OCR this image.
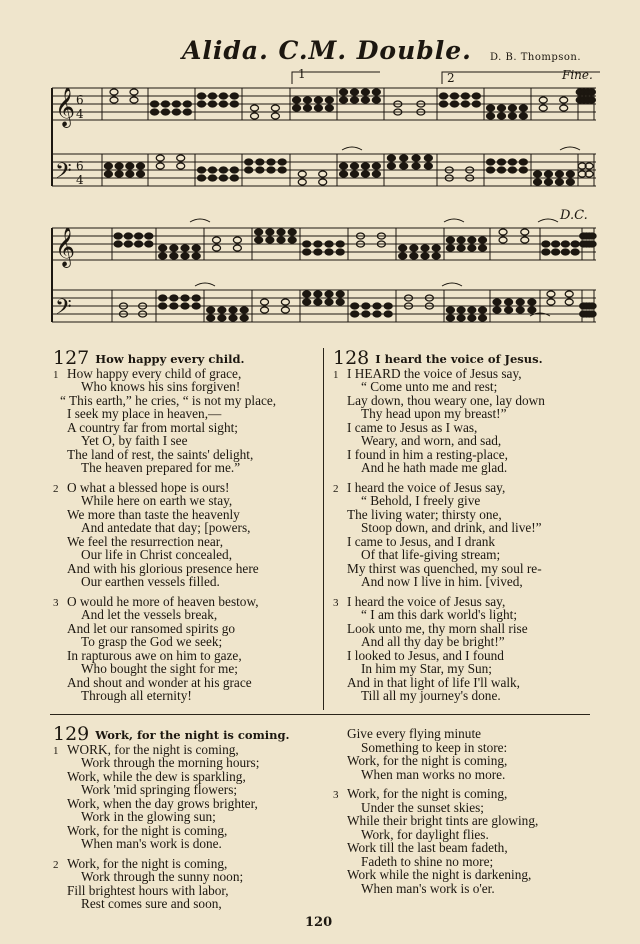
Alida. C.M. Double. D. B. Thompson.
Fine.
D.C.
𝄞
𝄢
𝄞
𝄢
6
4
6
4
1	2
127 How happy every child.
1 How happy every child of grace,
Who knows his sins forgiven!
“ This earth,” he cries, “ is not my place,
I seek my place in heaven,—
A country far from mortal sight;
Yet O, by faith I see
The land of rest, the saints' delight,
The heaven prepared for me.”
2 O what a blessed hope is ours!
While here on earth we stay,
We more than taste the heavenly
And antedate that day; [powers,
We feel the resurrection near,
Our life in Christ concealed,
And with his glorious presence here
Our earthen vessels filled.
3 O would he more of heaven bestow,
And let the vessels break,
And let our ransomed spirits go
To grasp the God we seek;
In rapturous awe on him to gaze,
Who bought the sight for me;
And shout and wonder at his grace
Through all eternity!
128 I heard the voice of Jesus.
1 I HEARD the voice of Jesus say,
“ Come unto me and rest;
Lay down, thou weary one, lay down
Thy head upon my breast!”
I came to Jesus as I was,
Weary, and worn, and sad,
I found in him a resting-place,
And he hath made me glad.
2 I heard the voice of Jesus say,
“ Behold, I freely give
The living water; thirsty one,
Stoop down, and drink, and live!”
I came to Jesus, and I drank
Of that life-giving stream;
My thirst was quenched, my soul re-
And now I live in him. [vived,
3 I heard the voice of Jesus say,
“ I am this dark world's light;
Look unto me, thy morn shall rise
And all thy day be bright!”
I looked to Jesus, and I found
In him my Star, my Sun;
And in that light of life I'll walk,
Till all my journey's done.
129 Work, for the night is coming.
1 WORK, for the night is coming,
Work through the morning hours;
Work, while the dew is sparkling,
Work 'mid springing flowers;
Work, when the day grows brighter,
Work in the glowing sun;
Work, for the night is coming,
When man's work is done.
2 Work, for the night is coming,
Work through the sunny noon;
Fill brightest hours with labor,
Rest comes sure and soon,
Give every flying minute
Something to keep in store:
Work, for the night is coming,
When man works no more.
3 Work, for the night is coming,
Under the sunset skies;
While their bright tints are glowing,
Work, for daylight flies.
Work till the last beam fadeth,
Fadeth to shine no more;
Work while the night is darkening,
When man's work is o'er.
120
